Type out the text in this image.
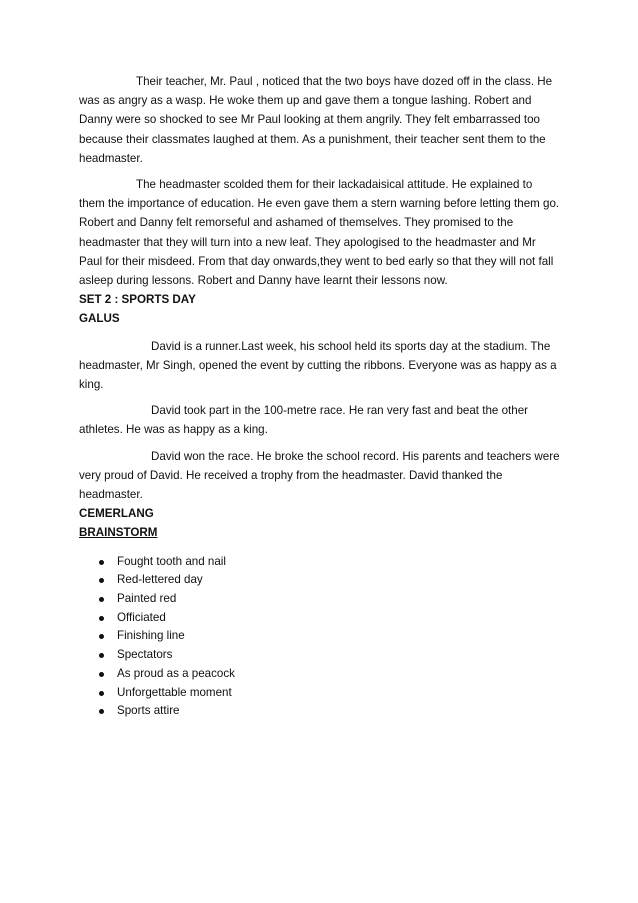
Their teacher, Mr. Paul , noticed that the two boys have dozed off in the class. He was as angry as a wasp. He woke them up and gave them a tongue lashing. Robert and Danny were so shocked to see Mr Paul looking at them angrily. They felt embarrassed too because their classmates laughed at them. As a punishment, their teacher sent them to the headmaster.

The headmaster scolded them for their lackadaisical attitude. He explained to them the importance of education. He even gave them a stern warning before letting them go. Robert and Danny felt remorseful and ashamed of themselves. They promised to the headmaster that they will turn into a new leaf. They apologised to the headmaster and Mr Paul for their misdeed. From that day onwards,they went to bed early so that they will not fall asleep during lessons. Robert and Danny have learnt their lessons now.

SET 2 : SPORTS DAY

GALUS

David is a runner.Last week, his school held its sports day at the stadium. The headmaster, Mr Singh, opened the event by cutting the ribbons. Everyone was as happy as a king.

David took part in the 100-metre race. He ran very fast and beat the other athletes. He was as happy as a king.

David won the race. He broke the school record. His parents and teachers were very proud of David. He received a trophy from the headmaster. David thanked the headmaster.

CEMERLANG

BRAINSTORM

Fought tooth and nail
Red-lettered day
Painted red
Officiated
Finishing line
Spectators
As proud as a peacock
Unforgettable moment
Sports attire
